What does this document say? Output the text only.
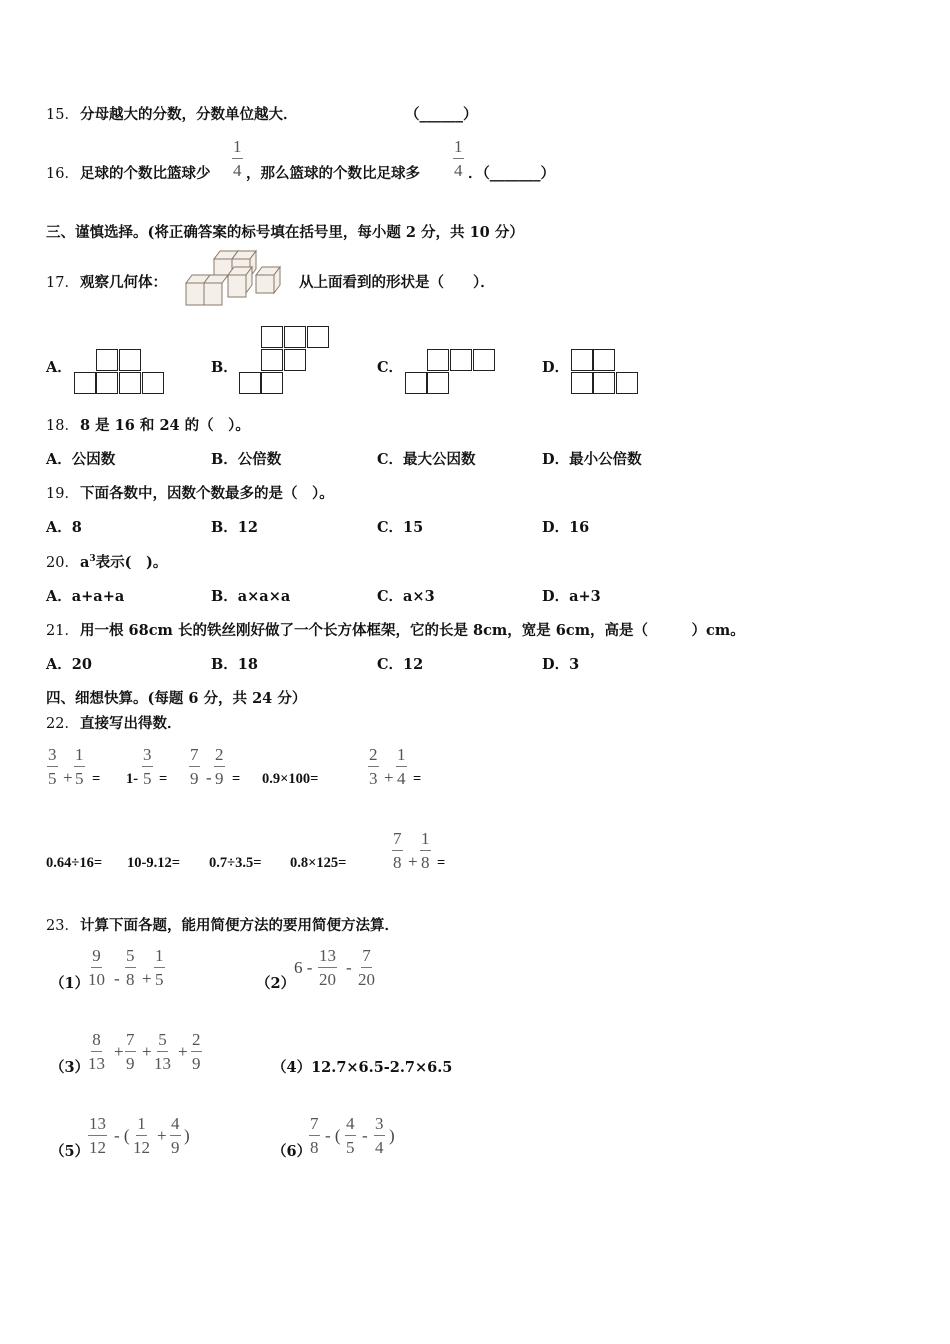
15． 分母越大的分数，分数单位越大．	（______）
16． 足球的个数比篮球少 $\frac{1}{4}$ ，那么篮球的个数比足球多 $\frac{1}{4}$ ．（_______）
三、谨慎选择。(将正确答案的标号填在括号里，每小题 2 分，共 10 分）
17． 观察几何体：	从上面看到的形状是（　　）．
A．	B．	C．	D．
18． 8 是 16 和 24 的（　）。
A．公因数	B．公倍数	C．最大公因数	D．最小公倍数
19． 下面各数中，因数个数最多的是（　）。
A．8	B．12	C．15	D．16
20． $a^3$表示(　)。
A．a+a+a	B．a×a×a	C．a×3	D．a+3
21． 用一根 68cm 长的铁丝刚好做了一个长方体框架，它的长是 8cm，宽是 6cm，高是（　　　）cm。
A．20	B．18	C．12	D．3
四、细想快算。(每题 6 分，共 24 分）
22． 直接写出得数．
$\frac{3}{5} + \frac{1}{5} = 1- \frac{3}{5} = \frac{7}{9} - \frac{2}{9} = 0.9\times 100=$	$\frac{2}{3} + \frac{1}{4}$ =
0.64÷16= 10-9.12= 0.7÷3.5= 0.8×125=	$\frac{7}{8} + \frac{1}{8}$ =
23． 计算下面各题，能用简便方法的要用简便方法算．
（1）
$\frac{9}{10} - \frac{5}{8} + \frac{1}{5}$	（2）
$6 - \frac{13}{20} - \frac{7}{20}$
（3）
$\frac{8}{13} + \frac{7}{9} + \frac{5}{13} + \frac{2}{9}$	（4）12.7×6.5-2.7×6.5
（5）
$\frac{13}{12}$ - ( $\frac{1}{12} + \frac{4}{9}$ )
（6）
$\frac{7}{8}$ - ( $\frac{4}{5} - \frac{3}{4}$ )
